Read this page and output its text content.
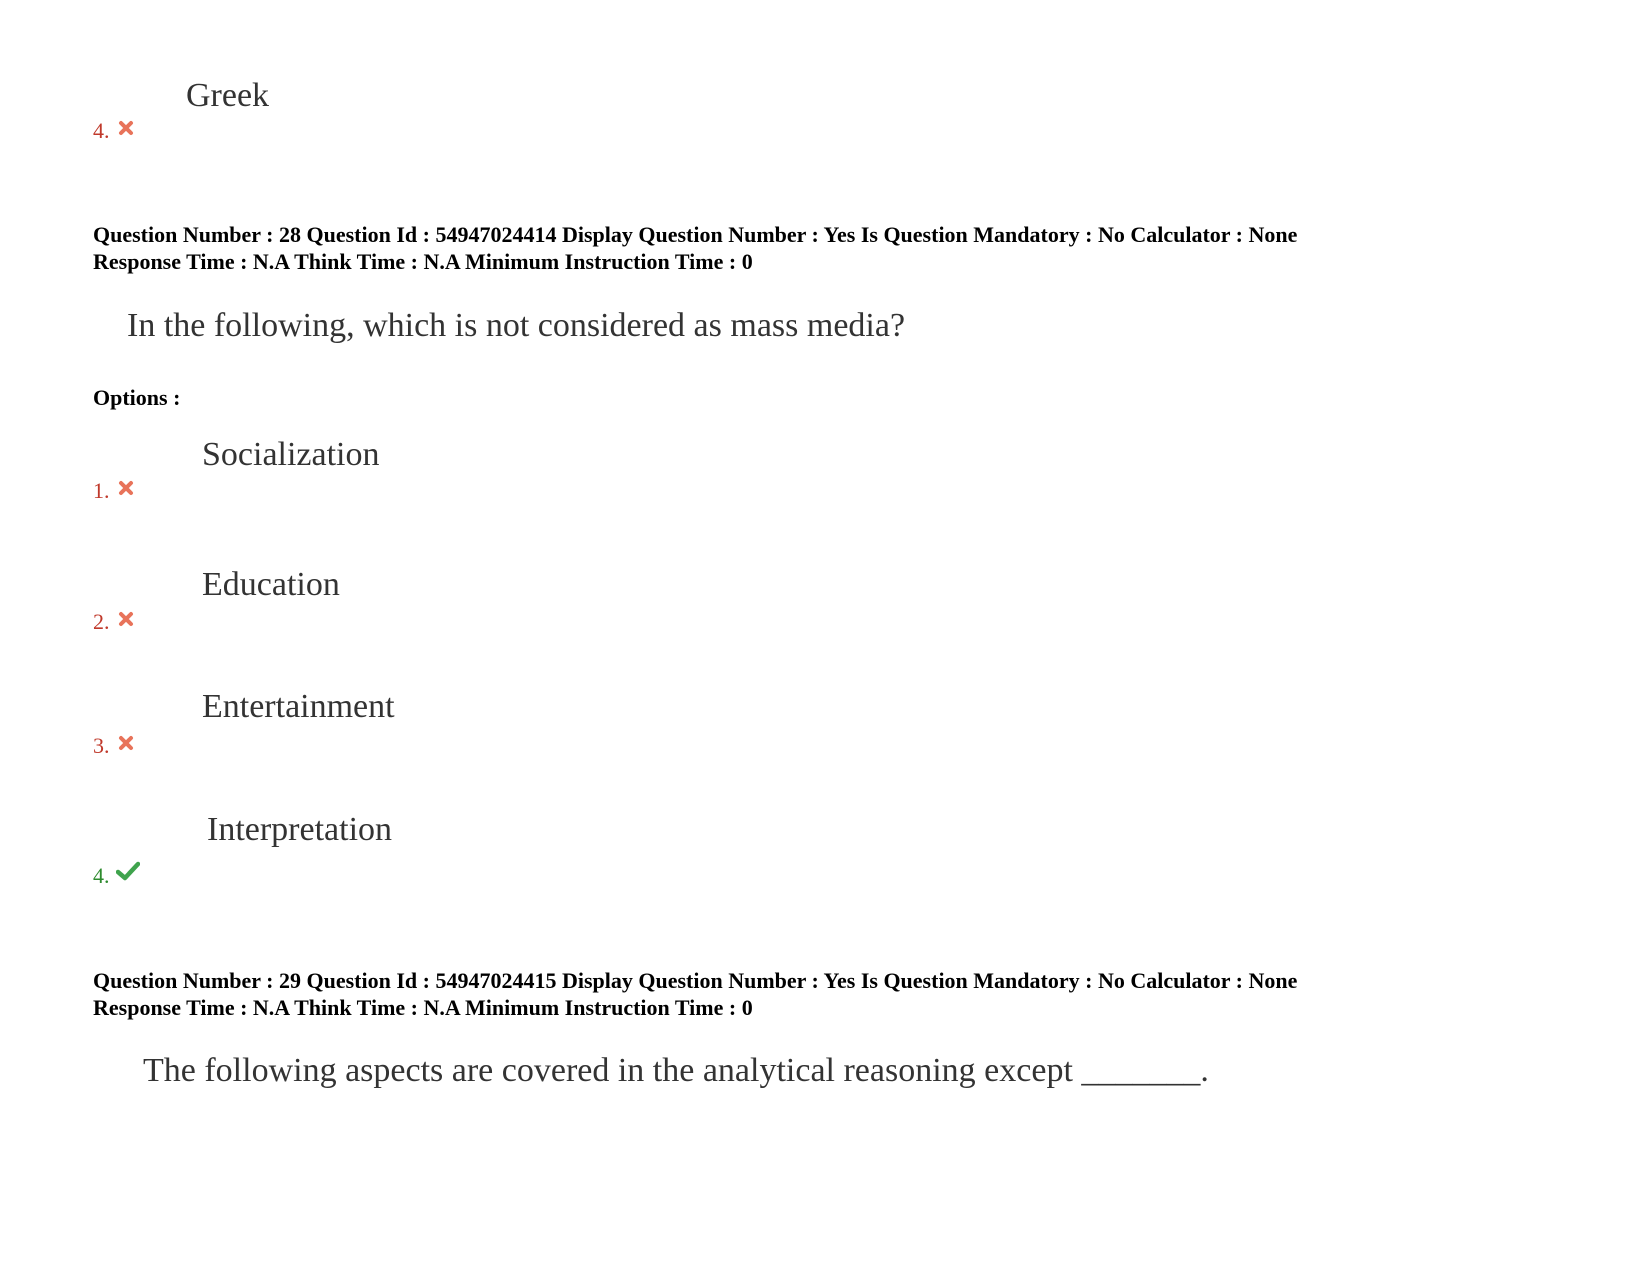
Greek
4.
Question Number : 28 Question Id : 54947024414 Display Question Number : Yes Is Question Mandatory : No Calculator : None
Response Time : N.A Think Time : N.A Minimum Instruction Time : 0
In the following, which is not considered as mass media?
Options :
Socialization
1.
Education
2.
Entertainment
3.
Interpretation
4.
Question Number : 29 Question Id : 54947024415 Display Question Number : Yes Is Question Mandatory : No Calculator : None
Response Time : N.A Think Time : N.A Minimum Instruction Time : 0
The following aspects are covered in the analytical reasoning except _______.
